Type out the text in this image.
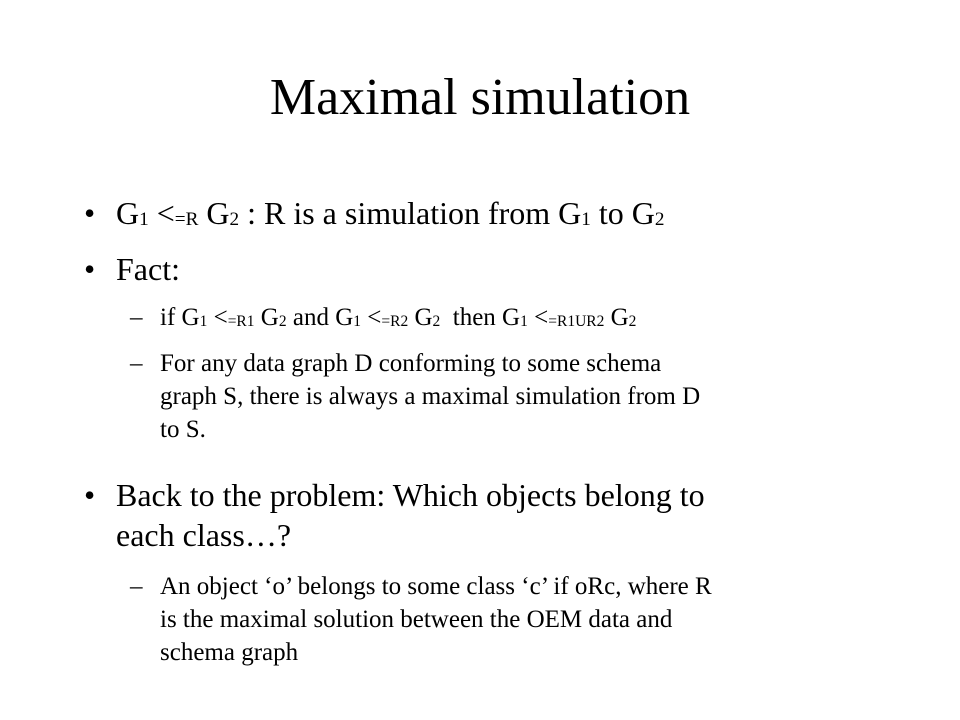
Maximal simulation
• G1 <=R G2 : R is a simulation from G1 to G2
• Fact:
– if G1 <=R1 G2 and G1 <=R2 G2  then G1 <=R1UR2 G2
– For any data graph D conforming to some schema
graph S, there is always a maximal simulation from D
to S.
• Back to the problem: Which objects belong to
each class…?
– An object ‘o’ belongs to some class ‘c’ if oRc, where R
is the maximal solution between the OEM data and
schema graph
